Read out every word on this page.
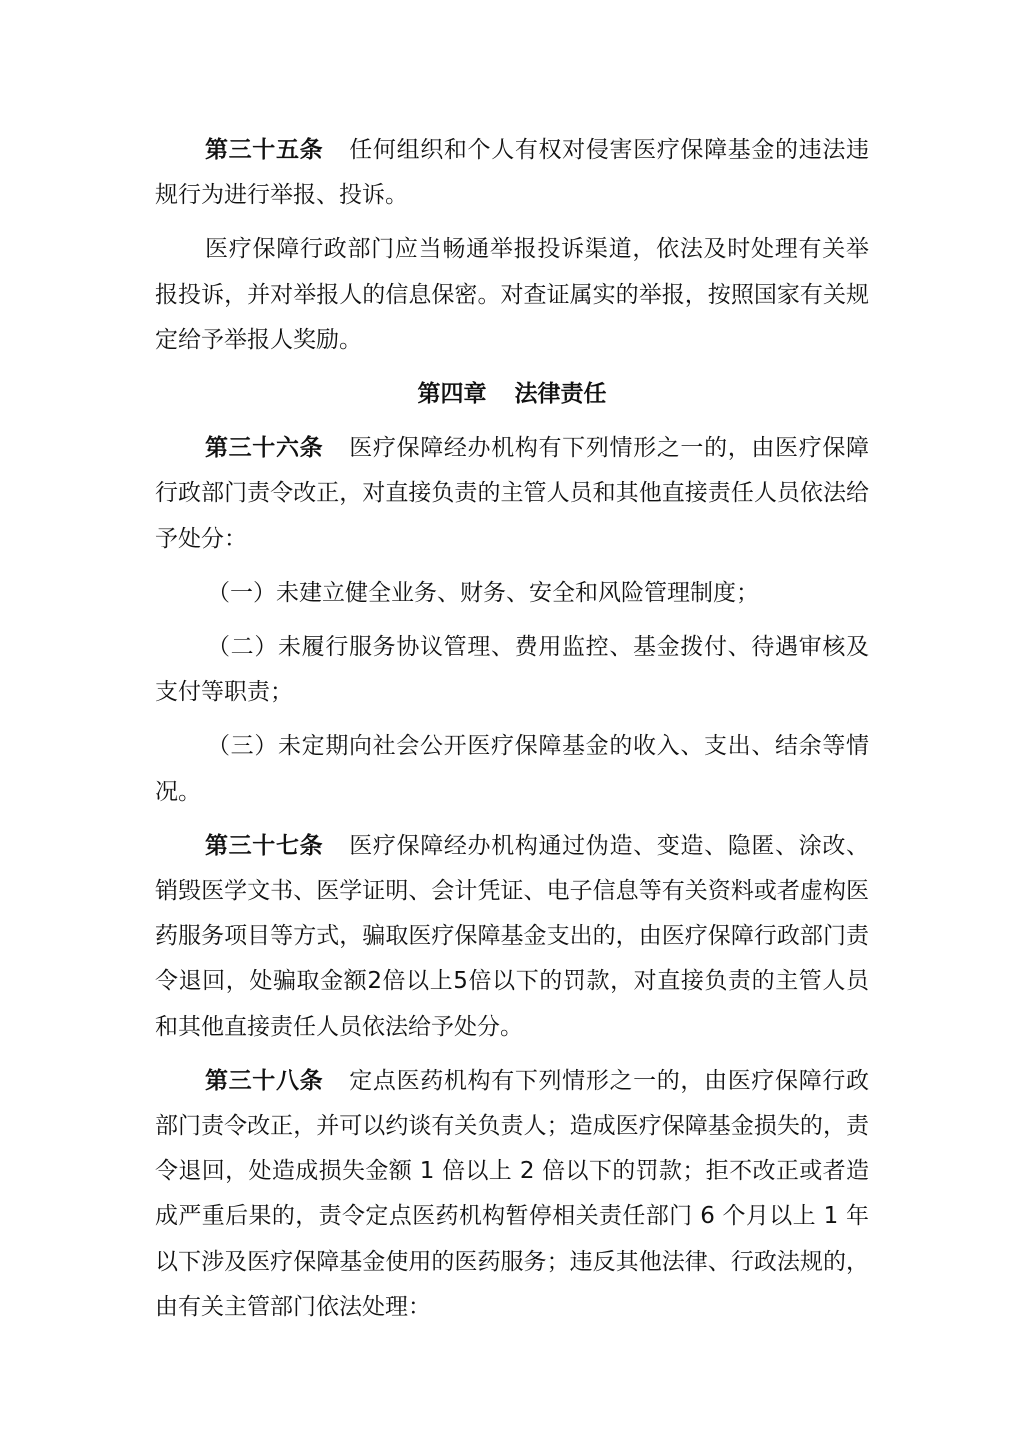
第三十五条 任何组织和个人有权对侵害医疗保障基金的违法违规行为进行举报、投诉。

医疗保障行政部门应当畅通举报投诉渠道，依法及时处理有关举报投诉，并对举报人的信息保密。对查证属实的举报，按照国家有关规定给予举报人奖励。

第四章 法律责任

第三十六条 医疗保障经办机构有下列情形之一的，由医疗保障行政部门责令改正，对直接负责的主管人员和其他直接责任人员依法给予处分：

（一）未建立健全业务、财务、安全和风险管理制度；

（二）未履行服务协议管理、费用监控、基金拨付、待遇审核及支付等职责；

（三）未定期向社会公开医疗保障基金的收入、支出、结余等情况。

第三十七条 医疗保障经办机构通过伪造、变造、隐匿、涂改、销毁医学文书、医学证明、会计凭证、电子信息等有关资料或者虚构医药服务项目等方式，骗取医疗保障基金支出的，由医疗保障行政部门责令退回，处骗取金额2倍以上5倍以下的罚款，对直接负责的主管人员和其他直接责任人员依法给予处分。

第三十八条 定点医药机构有下列情形之一的，由医疗保障行政部门责令改正，并可以约谈有关负责人；造成医疗保障基金损失的，责令退回，处造成损失金额 1 倍以上 2 倍以下的罚款；拒不改正或者造成严重后果的，责令定点医药机构暂停相关责任部门 6 个月以上 1 年以下涉及医疗保障基金使用的医药服务；违反其他法律、行政法规的，由有关主管部门依法处理：
